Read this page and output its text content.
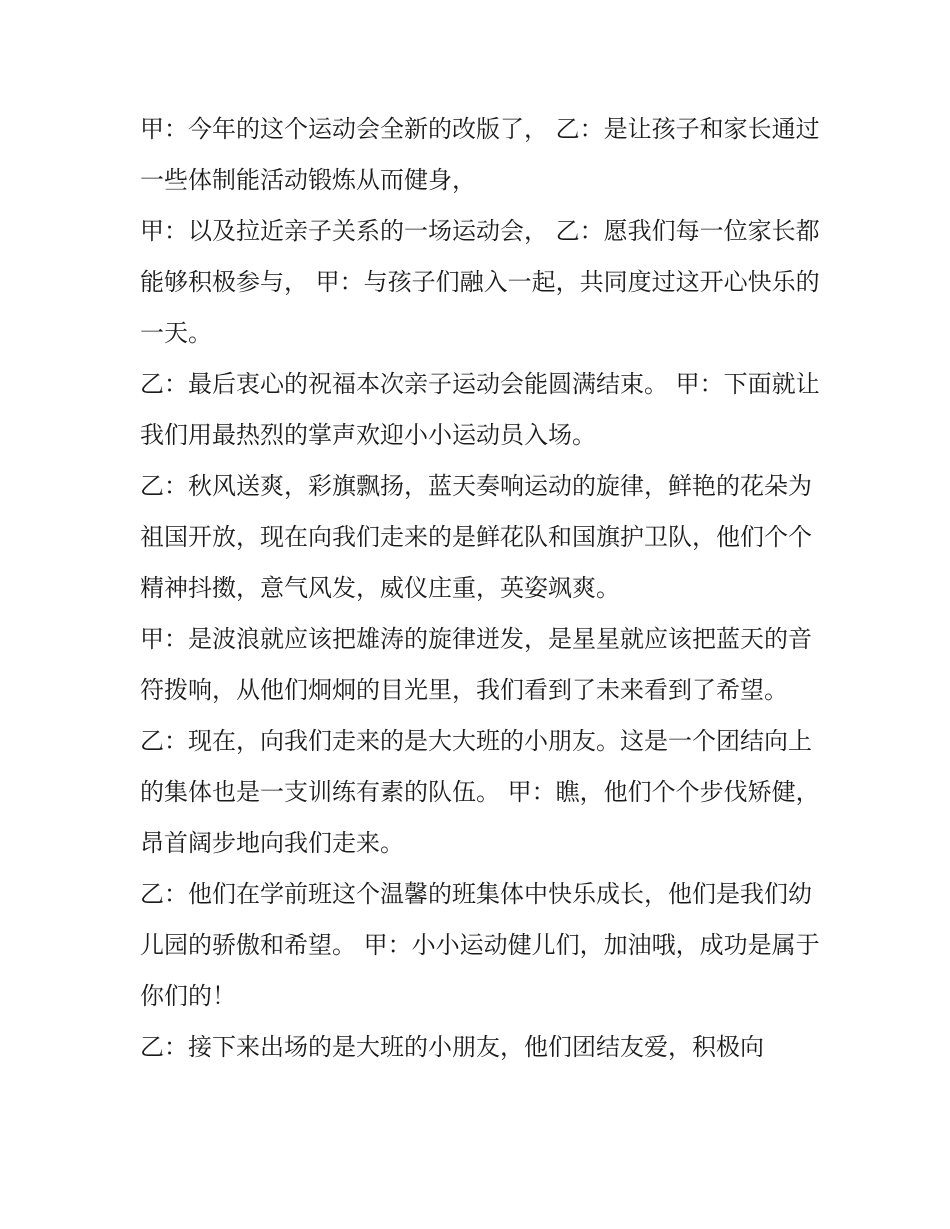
甲：今年的这个运动会全新的改版了， 乙：是让孩子和家长通过一些体制能活动锻炼从而健身，

甲：以及拉近亲子关系的一场运动会， 乙：愿我们每一位家长都能够积极参与， 甲：与孩子们融入一起，共同度过这开心快乐的一天。

乙：最后衷心的祝福本次亲子运动会能圆满结束。 甲：下面就让我们用最热烈的掌声欢迎小小运动员入场。

乙：秋风送爽，彩旗飘扬，蓝天奏响运动的旋律，鲜艳的花朵为祖国开放，现在向我们走来的是鲜花队和国旗护卫队，他们个个精神抖擞，意气风发，威仪庄重，英姿飒爽。

甲：是波浪就应该把雄涛的旋律迸发，是星星就应该把蓝天的音符拨响，从他们炯炯的目光里，我们看到了未来看到了希望。

乙：现在，向我们走来的是大大班的小朋友。这是一个团结向上的集体也是一支训练有素的队伍。 甲：瞧，他们个个步伐矫健，昂首阔步地向我们走来。

乙：他们在学前班这个温馨的班集体中快乐成长，他们是我们幼儿园的骄傲和希望。 甲：小小运动健儿们，加油哦，成功是属于你们的！

乙：接下来出场的是大班的小朋友，他们团结友爱，积极向
